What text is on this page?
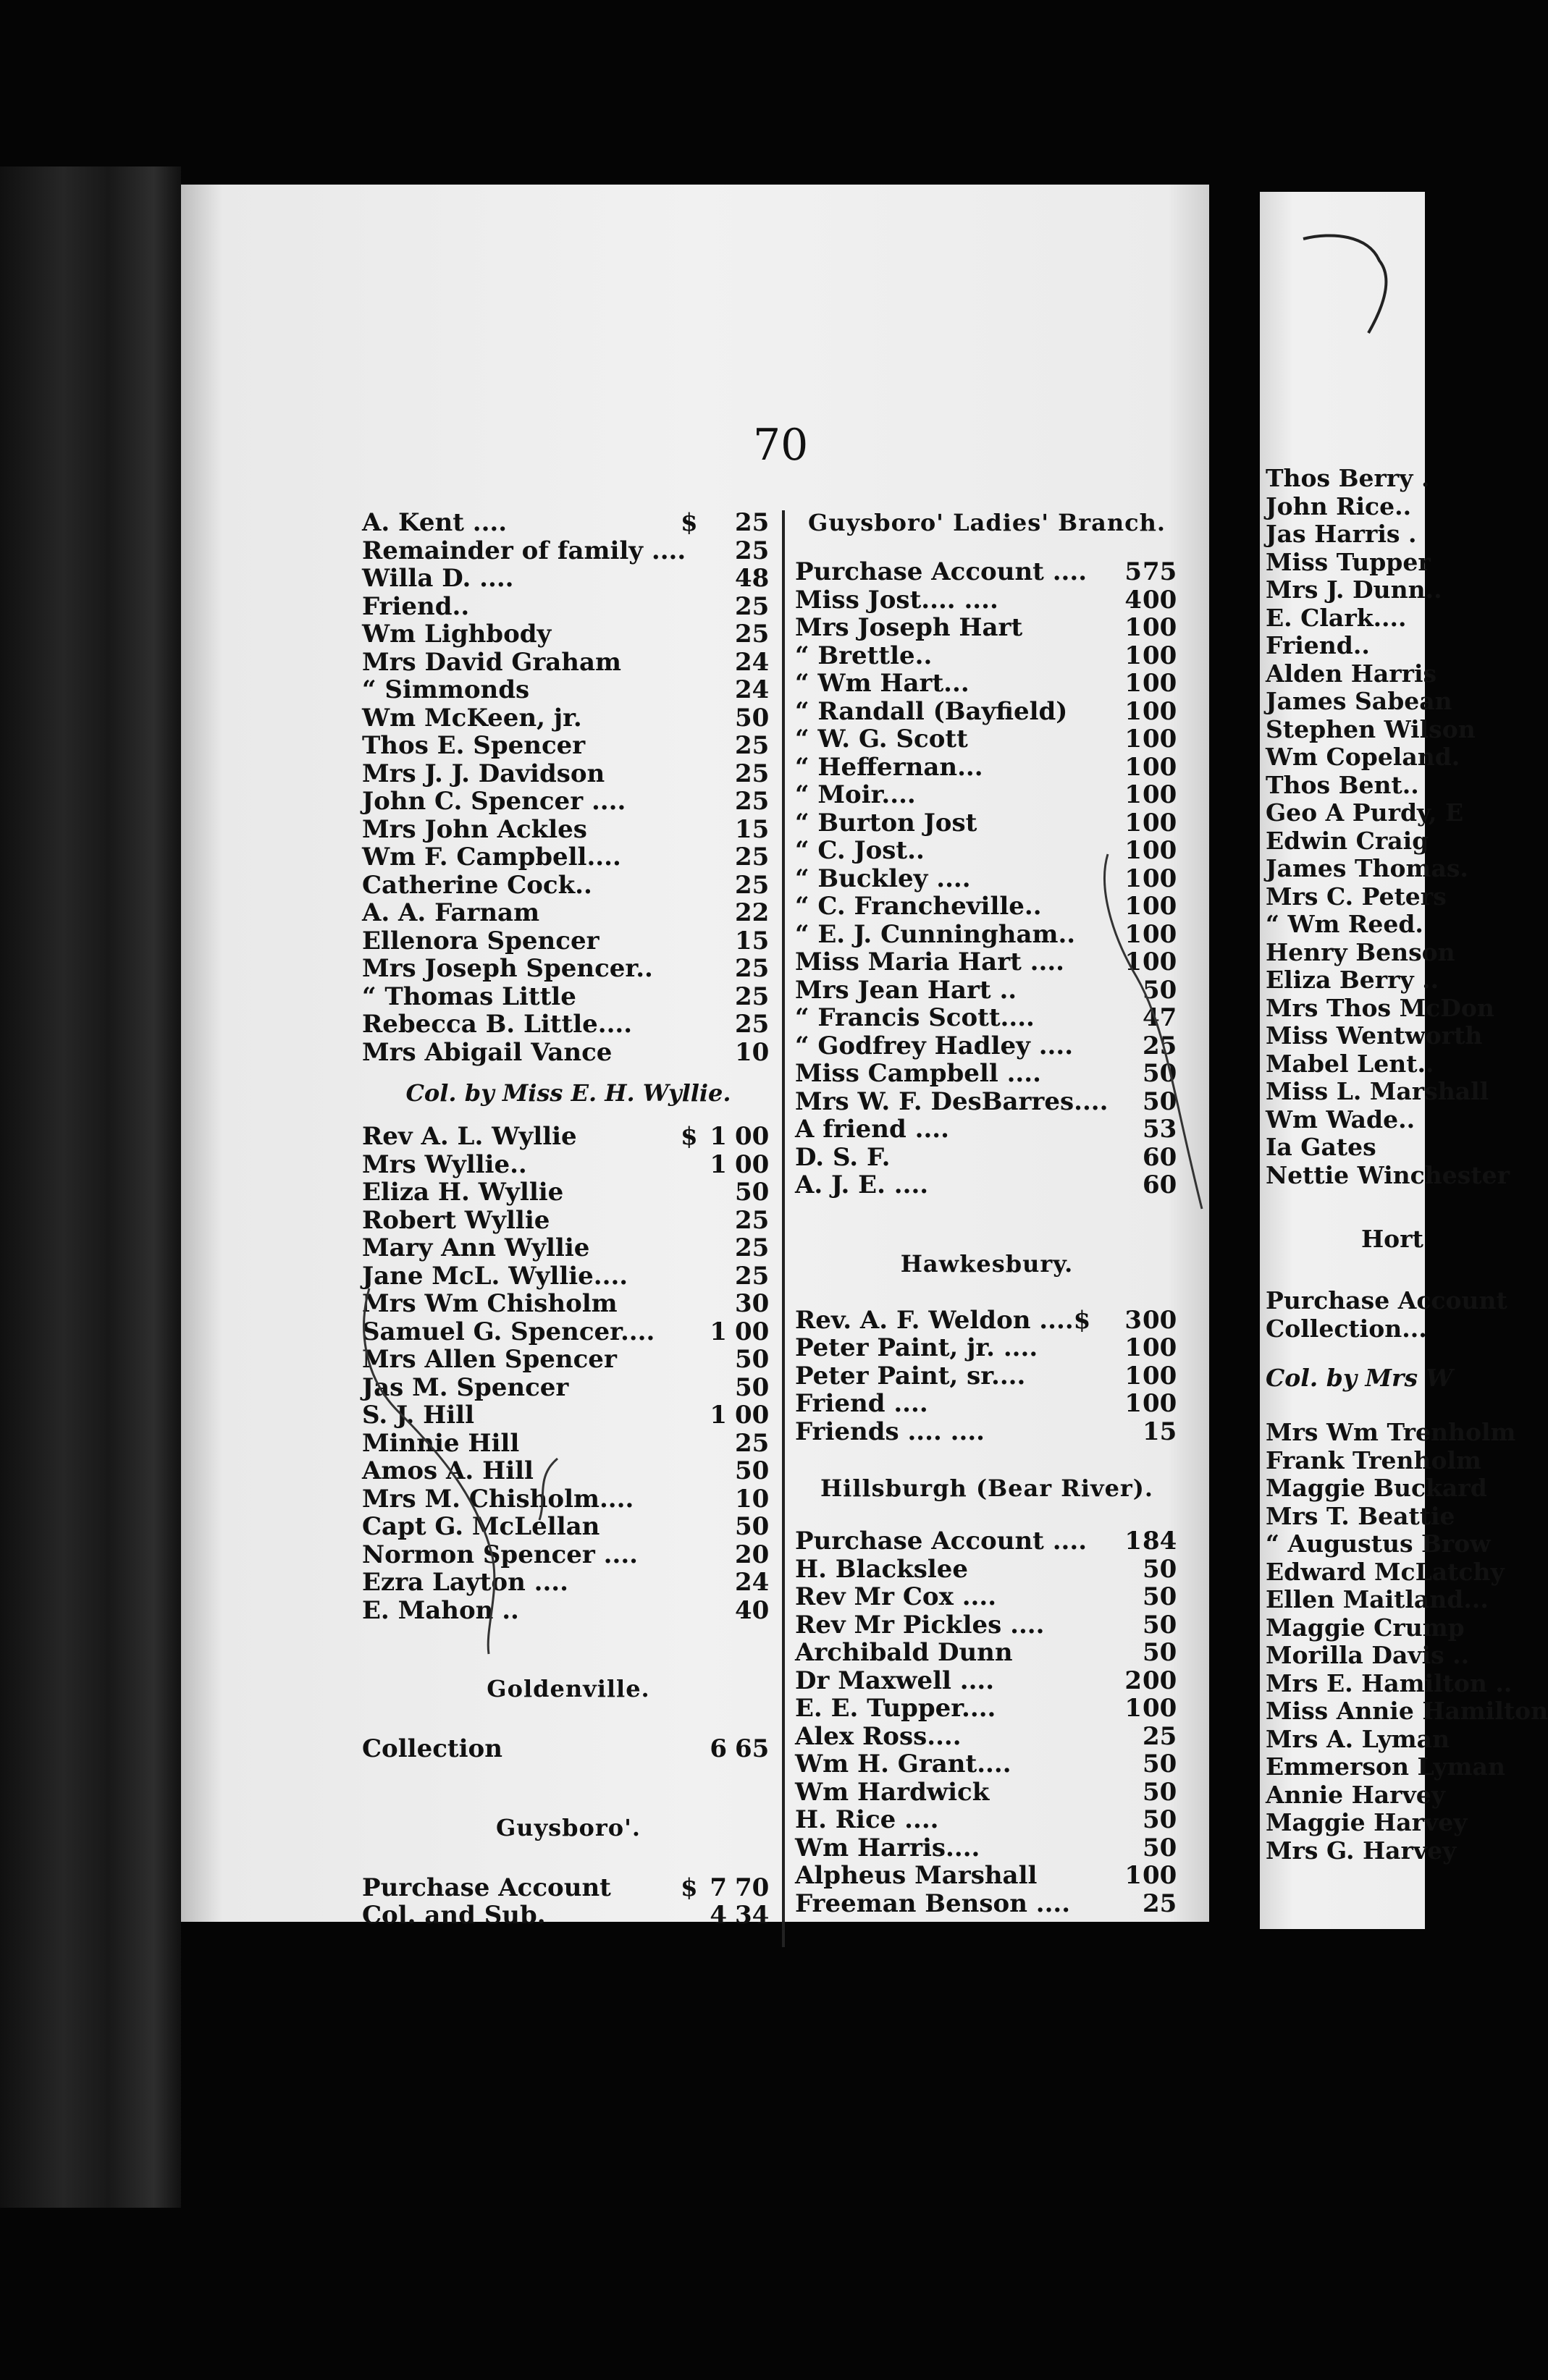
Thos Berry .
John Rice..
Jas Harris .
Miss Tupper
Mrs J. Dunn..
E. Clark....
Friend..
Alden Harris
James Sabean
Stephen Wilson
Wm Copeland.
Thos Bent..
Geo A Purdy, E
Edwin Craig
James Thomas.
Mrs C. Peters
“ Wm Reed.
Henry Benson
Eliza Berry ..
Mrs Thos McDon
Miss Wentworth
Mabel Lent..
Miss L. Marshall
Wm Wade..
Ia Gates
Nettie Winchester
Hort
Purchase Account
Collection...
Col. by Mrs W
Mrs Wm Trenholm
Frank Trenholm
Maggie Buckard
Mrs T. Beattie
“ Augustus Brow
Edward McLatchy
Ellen Maitland...
Maggie Crump
Morilla Davis ..
Mrs E. Hamilton ..
Miss Annie Hamilton
Mrs A. Lyman
Emmerson Lyman
Annie Harvey
Maggie Harvey
Mrs G. Harvey
70
A. Kent ....	$ 25
Remainder of family .... 25
Willa D. ....	48
Friend..	25
Wm Lighbody	25
Mrs David Graham	24
“ Simmonds	24
Wm McKeen, jr.	50
Thos E. Spencer	25
Mrs J. J. Davidson	25
John C. Spencer ....	25
Mrs John Ackles	15
Wm F. Campbell....	25
Catherine Cock..	25
A. A. Farnam	22
Ellenora Spencer	15
Mrs Joseph Spencer..	25
“ Thomas Little	25
Rebecca B. Little....	25
Mrs Abigail Vance	10
Col. by Miss E. H. Wyllie.
Rev A. L. Wyllie	$ 1 00
Mrs Wyllie..	1 00
Eliza H. Wyllie	50
Robert Wyllie	25
Mary Ann Wyllie	25
Jane McL. Wyllie....	25
Mrs Wm Chisholm	30
Samuel G. Spencer.... 1 00
Mrs Allen Spencer	50
Jas M. Spencer	50
S. J. Hill	1 00
Minnie Hill	25
Amos A. Hill	50
Mrs M. Chisholm....	10
Capt G. McLellan	50
Normon Spencer ....	20
Ezra Layton ....	24
E. Mahon ..	40
Goldenville.
Collection	6 65
Guysboro'.
Purchase Account	$ 7 70
Col. and Sub.	4 34
Guysboro' Ladies' Branch.
Purchase Account .... 5 75
Miss Jost.... ....	4 00
Mrs Joseph Hart	1 00
“ Brettle..	1 00
“ Wm Hart...	1 00
“ Randall (Bayfield) 1 00
“ W. G. Scott	1 00
“ Heffernan...	1 00
“ Moir....	1 00
“ Burton Jost	1 00
“ C. Jost..	1 00
“ Buckley ....	1 00
“ C. Francheville..	1 00
“ E. J. Cunningham.. 1 00
Miss Maria Hart .... 1 00
Mrs Jean Hart ..	50
“ Francis Scott....	47
“ Godfrey Hadley ....	25
Miss Campbell ....	50
Mrs W. F. DesBarres.... 50
A friend ....	53
D. S. F.	60
A. J. E. ....	60
Hawkesbury.
Rev. A. F. Weldon ....$ 3 00
Peter Paint, jr. ....	1 00
Peter Paint, sr....	1 00
Friend ....	1 00
Friends .... ....	15
Hillsburgh (Bear River).
Purchase Account .... 1 84
H. Blackslee	50
Rev Mr Cox ....	50
Rev Mr Pickles ....	50
Archibald Dunn	50
Dr Maxwell ....	2 00
E. E. Tupper....	1 00
Alex Ross....	25
Wm H. Grant....	50
Wm Hardwick	50
H. Rice ....	50
Wm Harris....	50
Alpheus Marshall	1 00
Freeman Benson ....	25
